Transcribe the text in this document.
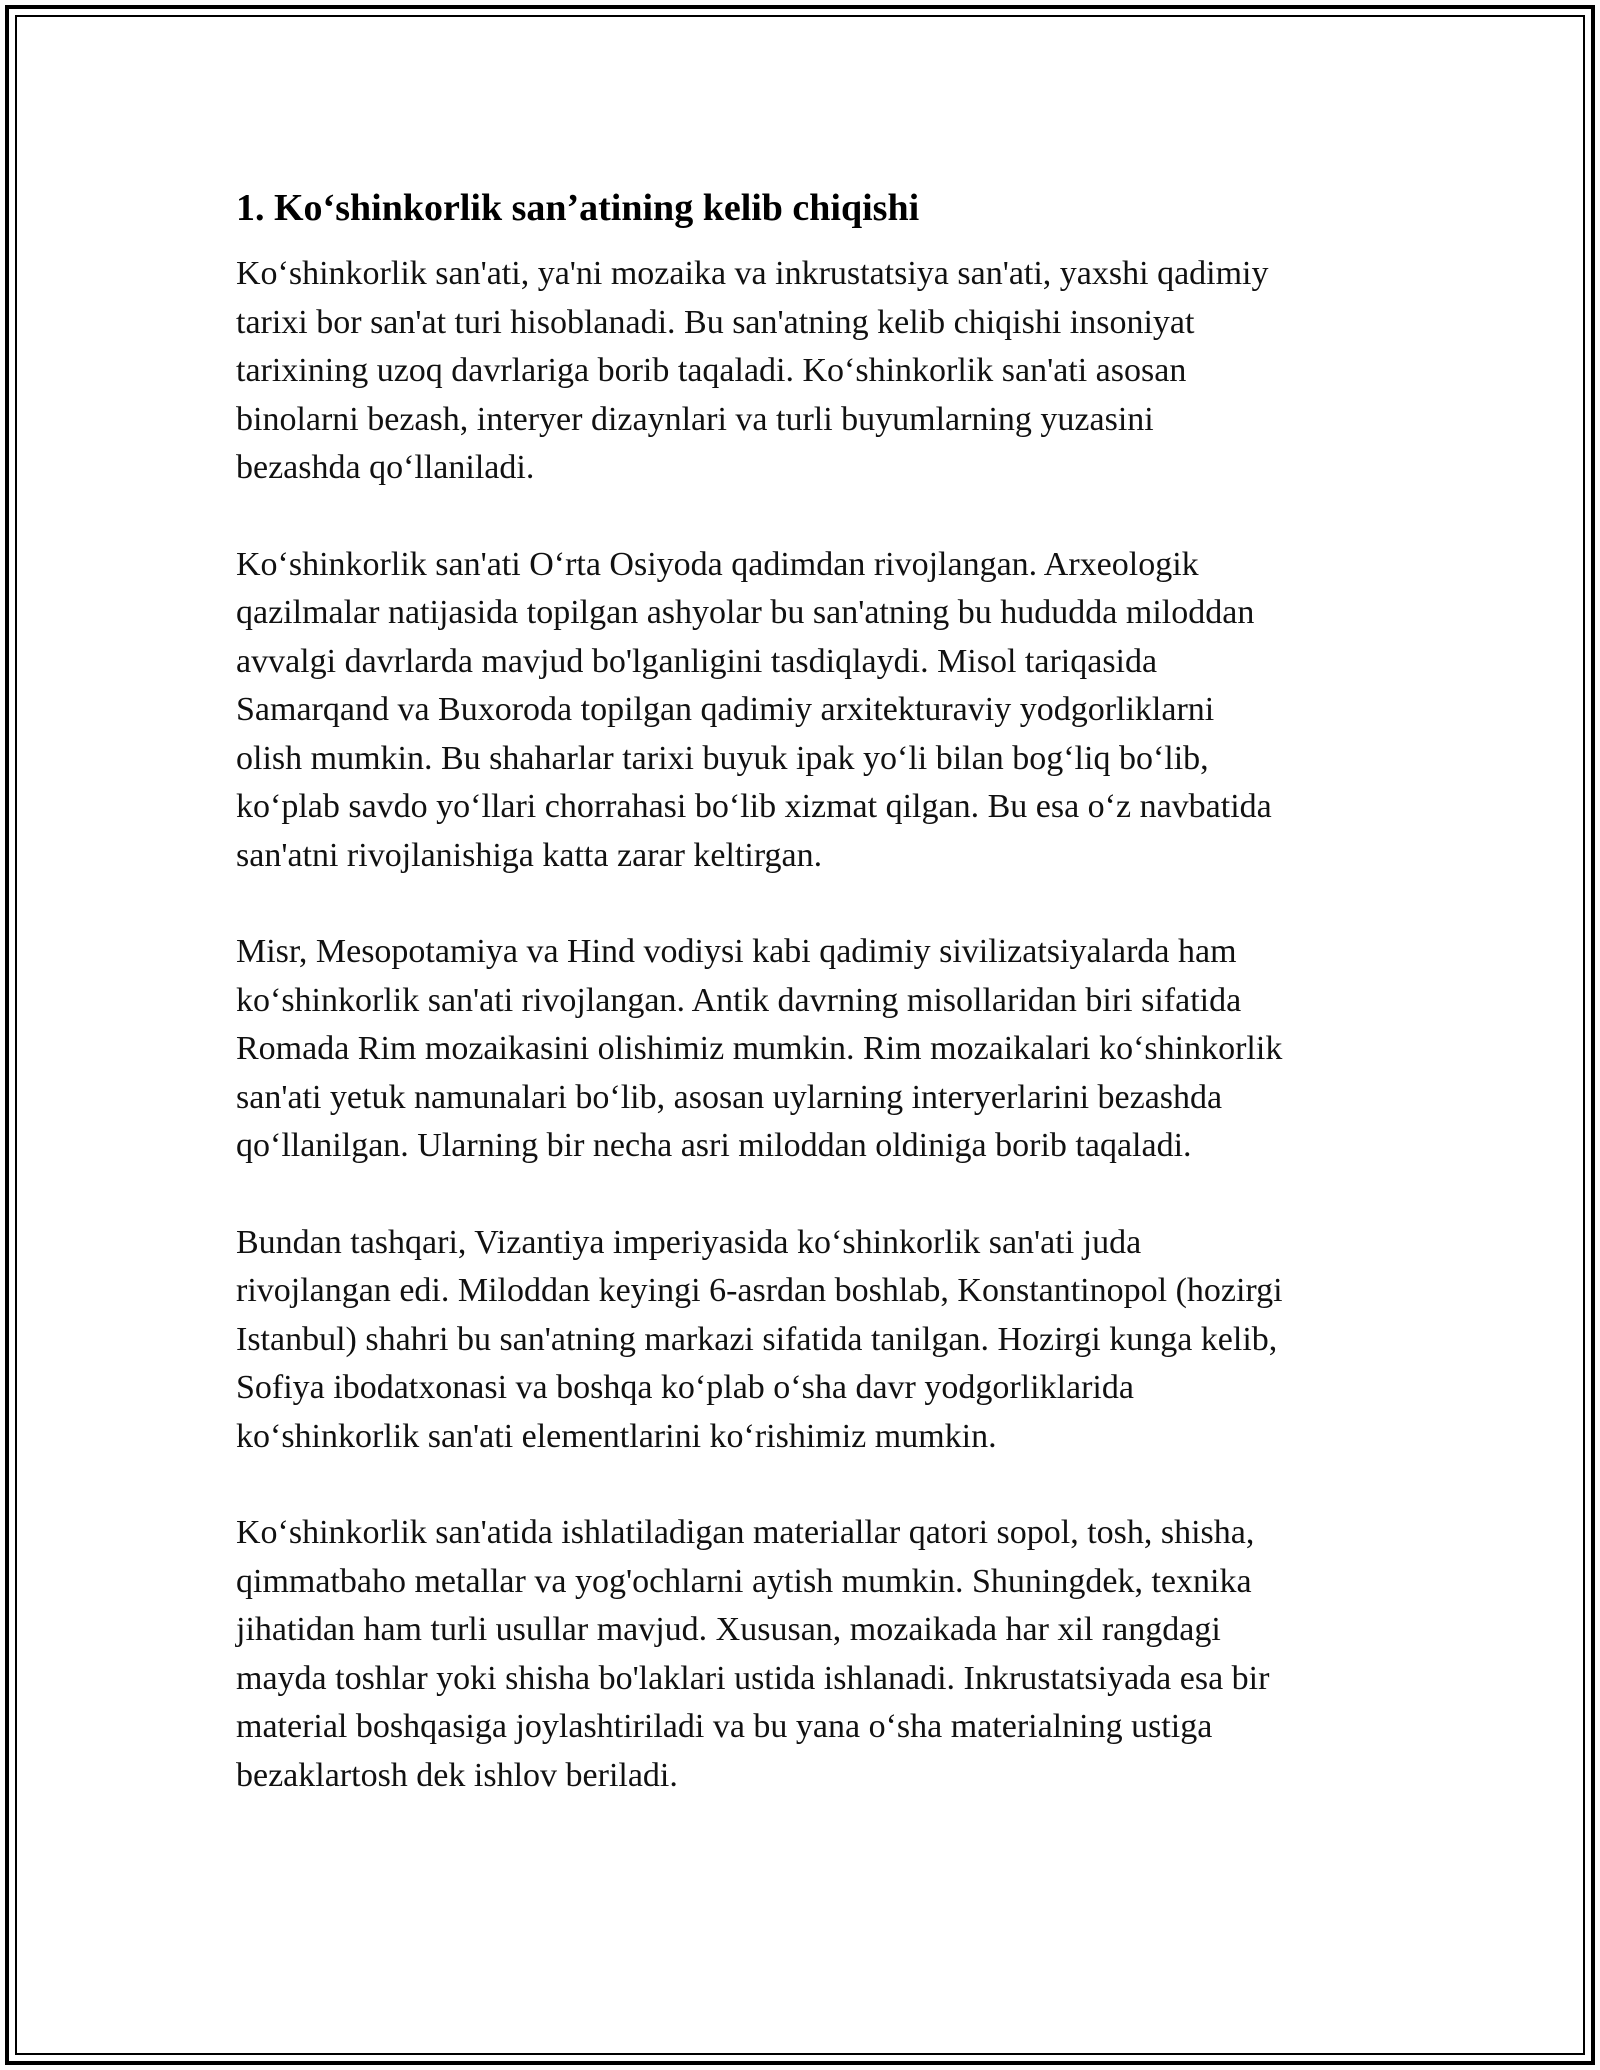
1. Ko‘shinkorlik san’atining kelib chiqishi

Ko‘shinkorlik san'ati, ya'ni mozaika va inkrustatsiya san'ati, yaxshi qadimiy
tarixi bor san'at turi hisoblanadi. Bu san'atning kelib chiqishi insoniyat
tarixining uzoq davrlariga borib taqaladi. Ko‘shinkorlik san'ati asosan
binolarni bezash, interyer dizaynlari va turli buyumlarning yuzasini
bezashda qo‘llaniladi.

Ko‘shinkorlik san'ati O‘rta Osiyoda qadimdan rivojlangan. Arxeologik
qazilmalar natijasida topilgan ashyolar bu san'atning bu hududda miloddan
avvalgi davrlarda mavjud bo'lganligini tasdiqlaydi. Misol tariqasida
Samarqand va Buxoroda topilgan qadimiy arxitekturaviy yodgorliklarni
olish mumkin. Bu shaharlar tarixi buyuk ipak yo‘li bilan bog‘liq bo‘lib,
ko‘plab savdo yo‘llari chorrahasi bo‘lib xizmat qilgan. Bu esa o‘z navbatida
san'atni rivojlanishiga katta zarar keltirgan.

Misr, Mesopotamiya va Hind vodiysi kabi qadimiy sivilizatsiyalarda ham
ko‘shinkorlik san'ati rivojlangan. Antik davrning misollaridan biri sifatida
Romada Rim mozaikasini olishimiz mumkin. Rim mozaikalari ko‘shinkorlik
san'ati yetuk namunalari bo‘lib, asosan uylarning interyerlarini bezashda
qo‘llanilgan. Ularning bir necha asri miloddan oldiniga borib taqaladi.

Bundan tashqari, Vizantiya imperiyasida ko‘shinkorlik san'ati juda
rivojlangan edi. Miloddan keyingi 6-asrdan boshlab, Konstantinopol (hozirgi
Istanbul) shahri bu san'atning markazi sifatida tanilgan. Hozirgi kunga kelib,
Sofiya ibodatxonasi va boshqa ko‘plab o‘sha davr yodgorliklarida
ko‘shinkorlik san'ati elementlarini ko‘rishimiz mumkin.

Ko‘shinkorlik san'atida ishlatiladigan materiallar qatori sopol, tosh, shisha,
qimmatbaho metallar va yog'ochlarni aytish mumkin. Shuningdek, texnika
jihatidan ham turli usullar mavjud. Xususan, mozaikada har xil rangdagi
mayda toshlar yoki shisha bo'laklari ustida ishlanadi. Inkrustatsiyada esa bir
material boshqasiga joylashtiriladi va bu yana o‘sha materialning ustiga
bezaklartosh dek ishlov beriladi.
